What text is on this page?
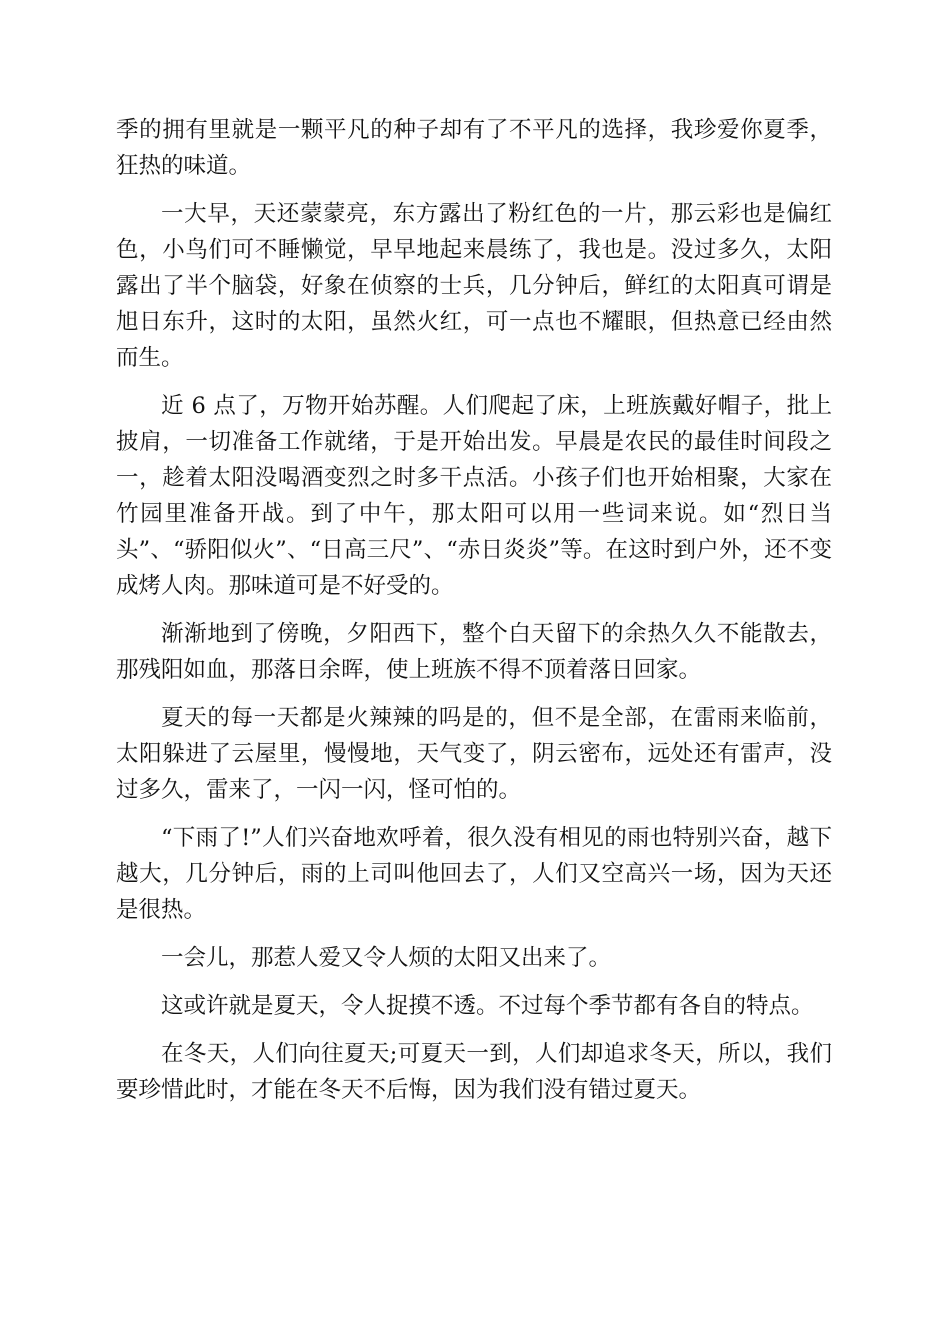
季的拥有里就是一颗平凡的种子却有了不平凡的选择，我珍爱你夏季，狂热的味道。

一大早，天还蒙蒙亮，东方露出了粉红色的一片，那云彩也是偏红色，小鸟们可不睡懒觉，早早地起来晨练了，我也是。没过多久，太阳露出了半个脑袋，好象在侦察的士兵，几分钟后，鲜红的太阳真可谓是旭日东升，这时的太阳，虽然火红，可一点也不耀眼，但热意已经由然而生。

近 6 点了，万物开始苏醒。人们爬起了床，上班族戴好帽子，批上披肩，一切准备工作就绪，于是开始出发。早晨是农民的最佳时间段之一，趁着太阳没喝酒变烈之时多干点活。小孩子们也开始相聚，大家在竹园里准备开战。到了中午，那太阳可以用一些词来说。如“烈日当头”、“骄阳似火”、“日高三尺”、“赤日炎炎”等。在这时到户外，还不变成烤人肉。那味道可是不好受的。

渐渐地到了傍晚，夕阳西下，整个白天留下的余热久久不能散去，那残阳如血，那落日余晖，使上班族不得不顶着落日回家。

夏天的每一天都是火辣辣的吗是的，但不是全部，在雷雨来临前，太阳躲进了云屋里，慢慢地，天气变了，阴云密布，远处还有雷声，没过多久，雷来了，一闪一闪，怪可怕的。

“下雨了!”人们兴奋地欢呼着，很久没有相见的雨也特别兴奋，越下越大，几分钟后，雨的上司叫他回去了，人们又空高兴一场，因为天还是很热。

一会儿，那惹人爱又令人烦的太阳又出来了。

这或许就是夏天，令人捉摸不透。不过每个季节都有各自的特点。

在冬天，人们向往夏天;可夏天一到，人们却追求冬天，所以，我们要珍惜此时，才能在冬天不后悔，因为我们没有错过夏天。
